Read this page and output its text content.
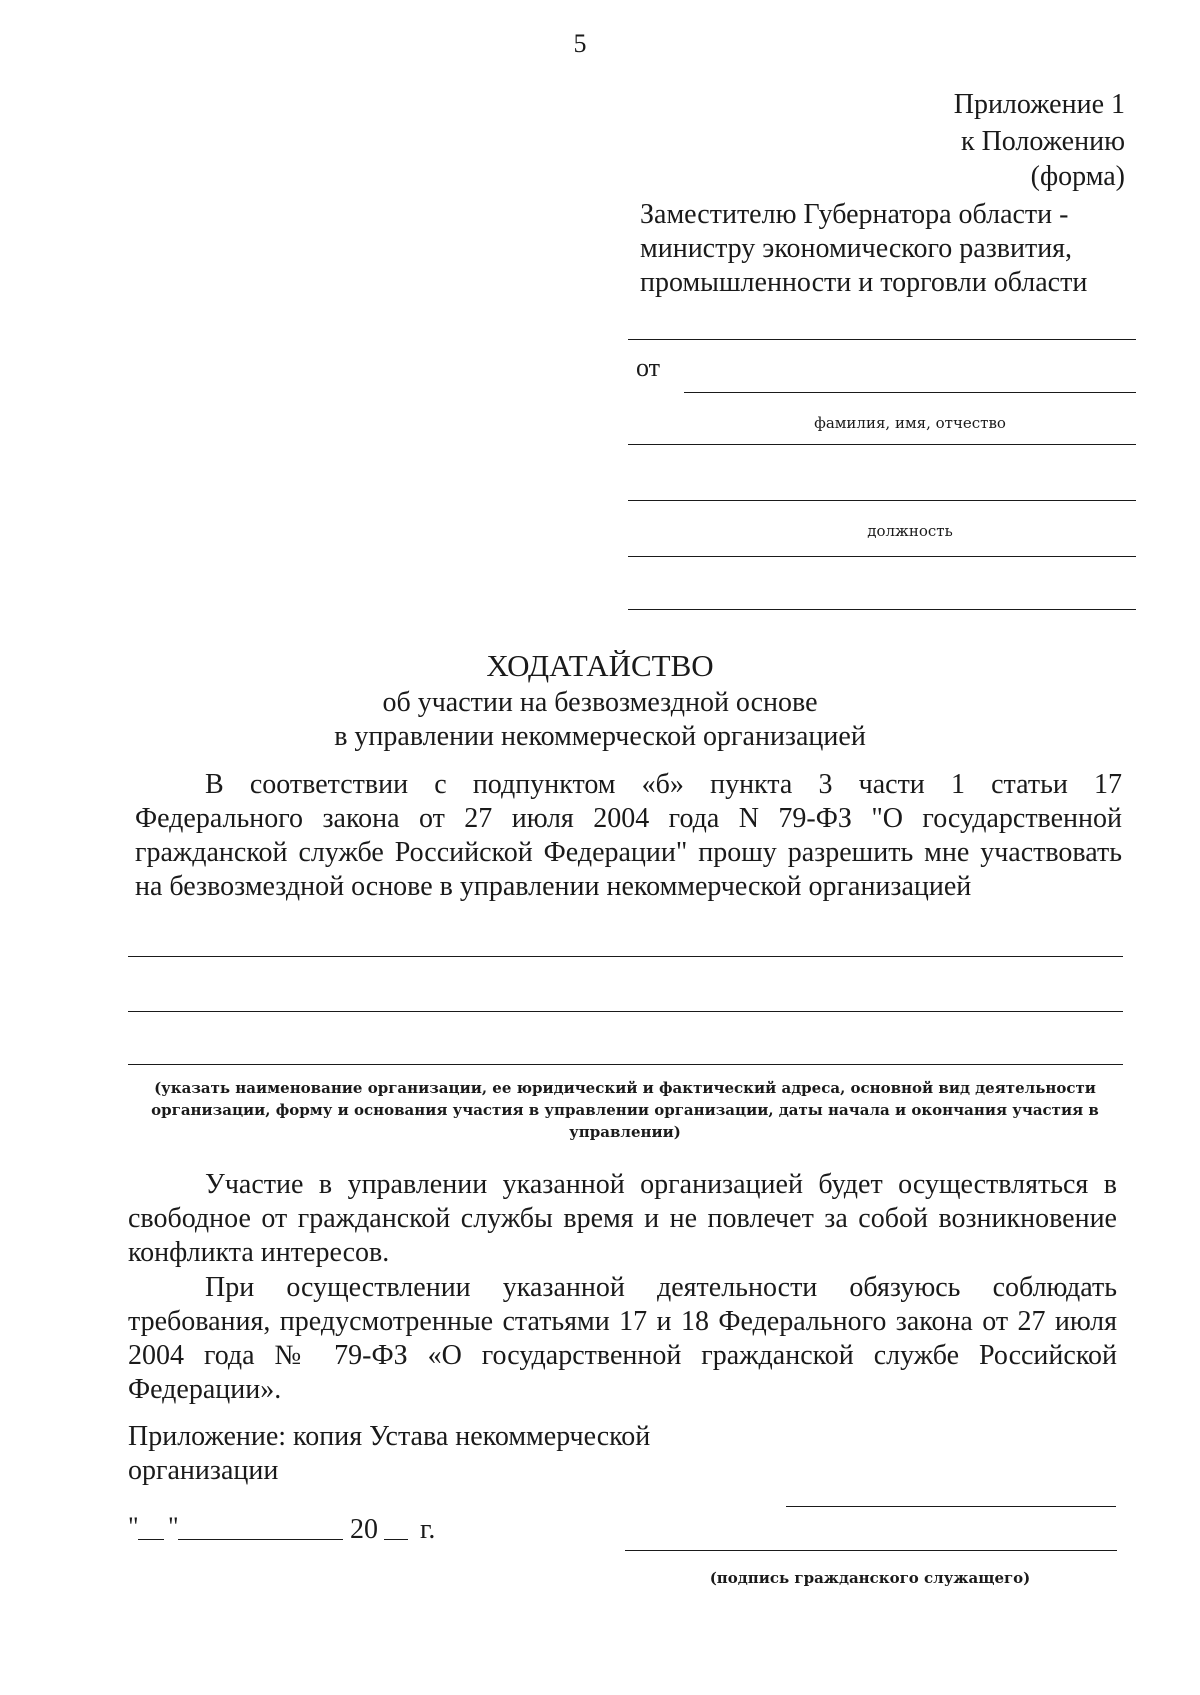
5
Приложение 1
к Положению
(форма)
Заместителю Губернатора области -
министру экономического развития,
промышленности и торговли области
от
фамилия, имя, отчество
должность
ХОДАТАЙСТВО
об участии на безвозмездной основе
в управлении некоммерческой организацией
В соответствии с подпунктом «б» пункта 3 части 1 статьи 17
Федерального закона от 27 июля 2004 года N 79-ФЗ "О государственной
гражданской службе Российской Федерации" прошу разрешить мне участвовать
на безвозмездной основе в управлении некоммерческой организацией
(указать наименование организации, ее юридический и фактический адреса, основной вид деятельности
организации, форму и основания участия в управлении организации, даты начала и окончания участия в
управлении)
Участие в управлении указанной организацией будет осуществляться в
свободное от гражданской службы время и не повлечет за собой возникновение
конфликта интересов.
При осуществлении указанной деятельности обязуюсь соблюдать
требования, предусмотренные статьями 17 и 18 Федерального закона от 27 июля
2004 года № 79-ФЗ «О государственной гражданской службе Российской
Федерации».
Приложение: копия Устава некоммерческой
организации
" "	20 г.
(подпись гражданского служащего)
